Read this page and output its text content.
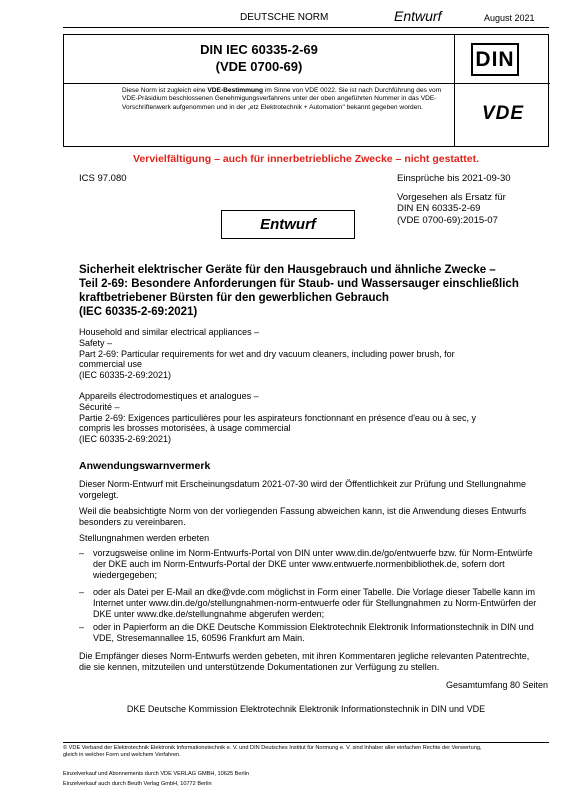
DEUTSCHE NORM	Entwurf	August 2021
DIN IEC 60335-2-69
(VDE 0700-69)
Diese Norm ist zugleich eine VDE-Bestimmung im Sinne von VDE 0022. Sie ist nach Durchführung des vom VDE-Präsidium beschlossenen Genehmigungsverfahrens unter der oben angeführten Nummer in das VDE-Vorschriftenwerk aufgenommen und in der „etz Elektrotechnik + Automation" bekannt gegeben worden.
DIN
VDE
Vervielfältigung – auch für innerbetriebliche Zwecke – nicht gestattet.
ICS 97.080	Einsprüche bis 2021-09-30
Vorgesehen als Ersatz für
DIN EN 60335-2-69
(VDE 0700-69):2015-07
Entwurf
Sicherheit elektrischer Geräte für den Hausgebrauch und ähnliche Zwecke –
Teil 2-69: Besondere Anforderungen für Staub- und Wassersauger einschließlich
kraftbetriebener Bürsten für den gewerblichen Gebrauch
(IEC 60335-2-69:2021)
Household and similar electrical appliances –
Safety –
Part 2-69: Particular requirements for wet and dry vacuum cleaners, including power brush, for
commercial use
(IEC 60335-2-69:2021)
Appareils électrodomestiques et analogues –
Sécurité –
Partie 2-69: Exigences particulières pour les aspirateurs fonctionnant en présence d'eau ou à sec, y
compris les brosses motorisées, à usage commercial
(IEC 60335-2-69:2021)
Anwendungswarnvermerk
Dieser Norm-Entwurf mit Erscheinungsdatum 2021-07-30 wird der Öffentlichkeit zur Prüfung und Stellungnahme vorgelegt.
Weil die beabsichtigte Norm von der vorliegenden Fassung abweichen kann, ist die Anwendung dieses Entwurfs besonders zu vereinbaren.
Stellungnahmen werden erbeten
– vorzugsweise online im Norm-Entwurfs-Portal von DIN unter www.din.de/go/entwuerfe bzw. für Norm-Entwürfe der DKE auch im Norm-Entwurfs-Portal der DKE unter www.entwuerfe.normenbibliothek.de, sofern dort wiedergegeben;
– oder als Datei per E-Mail an dke@vde.com möglichst in Form einer Tabelle. Die Vorlage dieser Tabelle kann im Internet unter www.din.de/go/stellungnahmen-norm-entwuerfe oder für Stellungnahmen zu Norm-Entwürfen der DKE unter www.dke.de/stellungnahme abgerufen werden;
– oder in Papierform an die DKE Deutsche Kommission Elektrotechnik Elektronik Informationstechnik in DIN und VDE, Stresemannallee 15, 60596 Frankfurt am Main.
Die Empfänger dieses Norm-Entwurfs werden gebeten, mit ihren Kommentaren jegliche relevanten Patentrechte, die sie kennen, mitzuteilen und unterstützende Dokumentationen zur Verfügung zu stellen.
Gesamtumfang 80 Seiten
DKE Deutsche Kommission Elektrotechnik Elektronik Informationstechnik in DIN und VDE
© VDE Verband der Elektrotechnik Elektronik Informationstechnik e. V. und DIN Deutsches Institut für Normung e. V. sind Inhaber aller einfachen Rechte der Verwertung, gleich in welcher Form und welchem Verfahren.
Einzelverkauf und Abonnements durch VDE VERLAG GMBH, 10625 Berlin
Einzelverkauf auch durch Beuth Verlag GmbH, 10772 Berlin
